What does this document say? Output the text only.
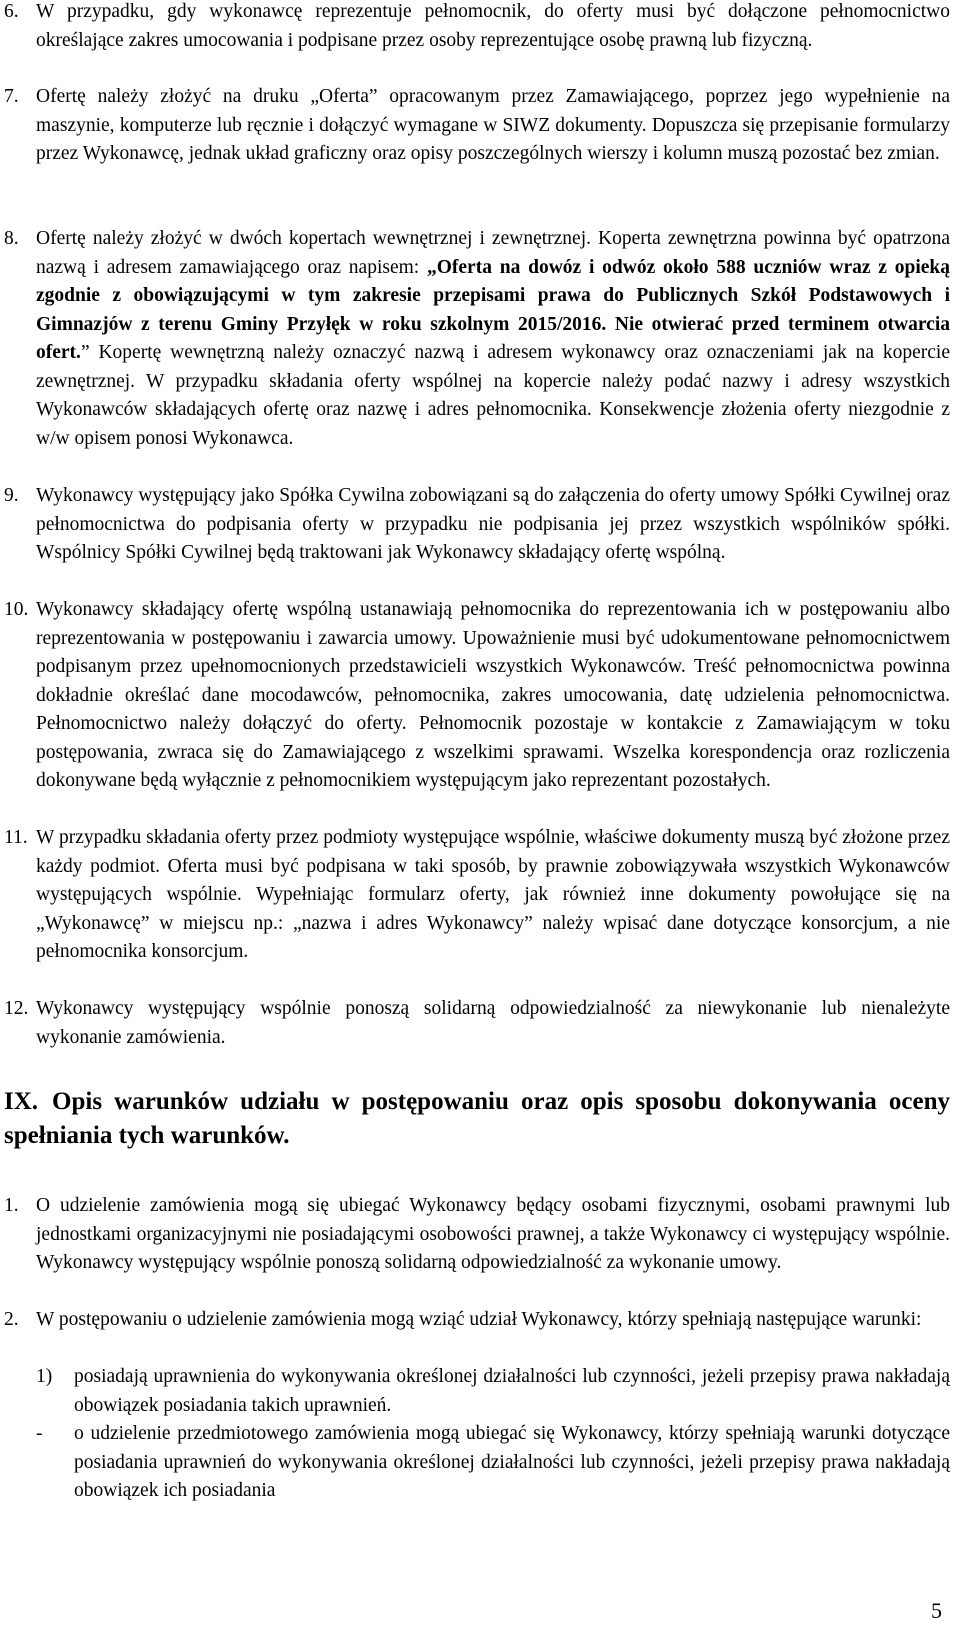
6. W przypadku, gdy wykonawcę reprezentuje pełnomocnik, do oferty musi być dołączone pełnomocnictwo określające zakres umocowania i podpisane przez osoby reprezentujące osobę prawną lub fizyczną.
7. Ofertę należy złożyć na druku „Oferta” opracowanym przez Zamawiającego, poprzez jego wypełnienie na maszynie, komputerze lub ręcznie i dołączyć wymagane w SIWZ dokumenty. Dopuszcza się przepisanie formularzy przez Wykonawcę, jednak układ graficzny oraz opisy poszczególnych wierszy i kolumn muszą pozostać bez zmian.
8. Ofertę należy złożyć w dwóch kopertach wewnętrznej i zewnętrznej. Koperta zewnętrzna powinna być opatrzona nazwą i adresem zamawiającego oraz napisem: „Oferta na dowóz i odwóz około 588 uczniów wraz z opieką zgodnie z obowiązującymi w tym zakresie przepisami prawa do Publicznych Szkół Podstawowych i Gimnazjów z terenu Gminy Przyłęk w roku szkolnym 2015/2016. Nie otwierać przed terminem otwarcia ofert.” Kopertę wewnętrzną należy oznaczyć nazwą i adresem wykonawcy oraz oznaczeniami jak na kopercie zewnętrznej. W przypadku składania oferty wspólnej na kopercie należy podać nazwy i adresy wszystkich Wykonawców składających ofertę oraz nazwę i adres pełnomocnika. Konsekwencje złożenia oferty niezgodnie z w/w opisem ponosi Wykonawca.
9. Wykonawcy występujący jako Spółka Cywilna zobowiązani są do załączenia do oferty umowy Spółki Cywilnej oraz pełnomocnictwa do podpisania oferty w przypadku nie podpisania jej przez wszystkich wspólników spółki. Wspólnicy Spółki Cywilnej będą traktowani jak Wykonawcy składający ofertę wspólną.
10. Wykonawcy składający ofertę wspólną ustanawiają pełnomocnika do reprezentowania ich w postępowaniu albo reprezentowania w postępowaniu i zawarcia umowy. Upoważnienie musi być udokumentowane pełnomocnictwem podpisanym przez upełnomocnionych przedstawicieli wszystkich Wykonawców. Treść pełnomocnictwa powinna dokładnie określać dane mocodawców, pełnomocnika, zakres umocowania, datę udzielenia pełnomocnictwa. Pełnomocnictwo należy dołączyć do oferty. Pełnomocnik pozostaje w kontakcie z Zamawiającym w toku postępowania, zwraca się do Zamawiającego z wszelkimi sprawami. Wszelka korespondencja oraz rozliczenia dokonywane będą wyłącznie z pełnomocnikiem występującym jako reprezentant pozostałych.
11. W przypadku składania oferty przez podmioty występujące wspólnie, właściwe dokumenty muszą być złożone przez każdy podmiot. Oferta musi być podpisana w taki sposób, by prawnie zobowiązywała wszystkich Wykonawców występujących wspólnie. Wypełniając formularz oferty, jak również inne dokumenty powołujące się na „Wykonawcę” w miejscu np.: „nazwa i adres Wykonawcy” należy wpisać dane dotyczące konsorcjum, a nie pełnomocnika konsorcjum.
12. Wykonawcy występujący wspólnie ponoszą solidarną odpowiedzialność za niewykonanie lub nienależyte wykonanie zamówienia.
IX. Opis warunków udziału w postępowaniu oraz opis sposobu dokonywania oceny spełniania tych warunków.
1. O udzielenie zamówienia mogą się ubiegać Wykonawcy będący osobami fizycznymi, osobami prawnymi lub jednostkami organizacyjnymi nie posiadającymi osobowości prawnej, a także Wykonawcy ci występujący wspólnie. Wykonawcy występujący wspólnie ponoszą solidarną odpowiedzialność za wykonanie umowy.
2. W postępowaniu o udzielenie zamówienia mogą wziąć udział Wykonawcy, którzy spełniają następujące warunki:
1) posiadają uprawnienia do wykonywania określonej działalności lub czynności, jeżeli przepisy prawa nakładają obowiązek posiadania takich uprawnień.
- o udzielenie przedmiotowego zamówienia mogą ubiegać się Wykonawcy, którzy spełniają warunki dotyczące posiadania uprawnień do wykonywania określonej działalności lub czynności, jeżeli przepisy prawa nakładają obowiązek ich posiadania
5
